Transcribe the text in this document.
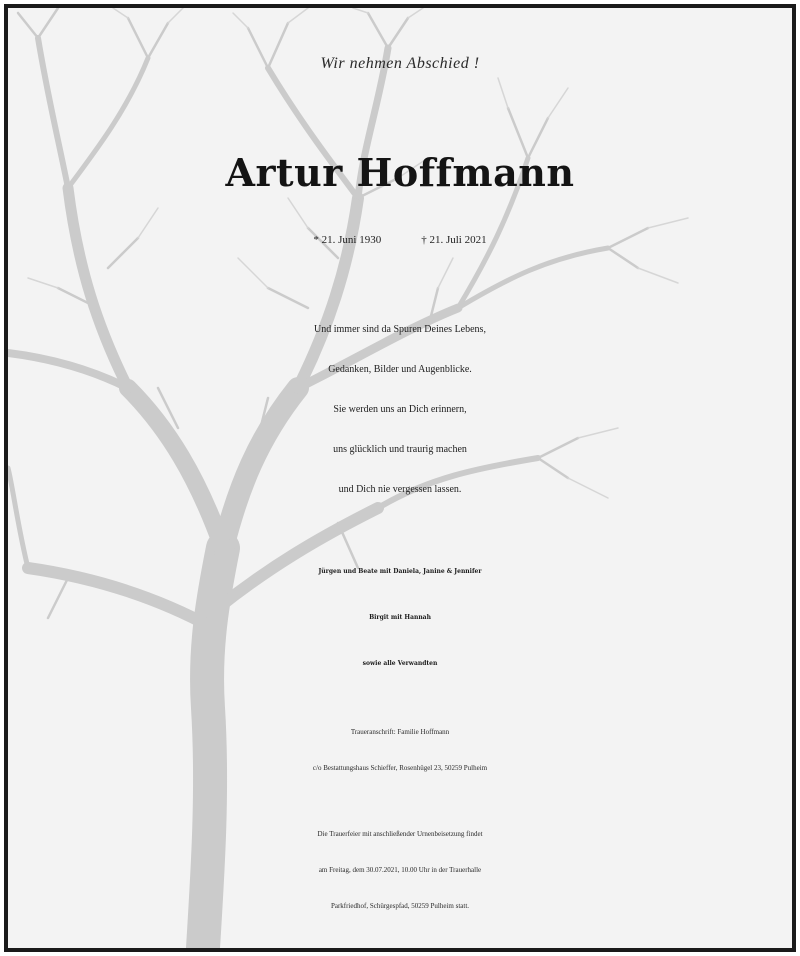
Wir nehmen Abschied !
Artur Hoffmann
* 21. Juni 1930	† 21. Juli 2021
Und immer sind da Spuren Deines Lebens,
Gedanken, Bilder und Augenblicke.
Sie werden uns an Dich erinnern,
uns glücklich und traurig machen
und Dich nie vergessen lassen.
Jürgen und Beate mit Daniela, Janine & Jennifer
Birgit mit Hannah
sowie alle Verwandten
Traueranschrift: Familie Hoffmann
c/o Bestattungshaus Schieffer, Rosenhügel 23, 50259 Pulheim
Die Trauerfeier mit anschließender Urnenbeisetzung findet
am Freitag, dem 30.07.2021, 10.00 Uhr in der Trauerhalle
Parkfriedhof, Schürgespfad, 50259 Pulheim statt.
